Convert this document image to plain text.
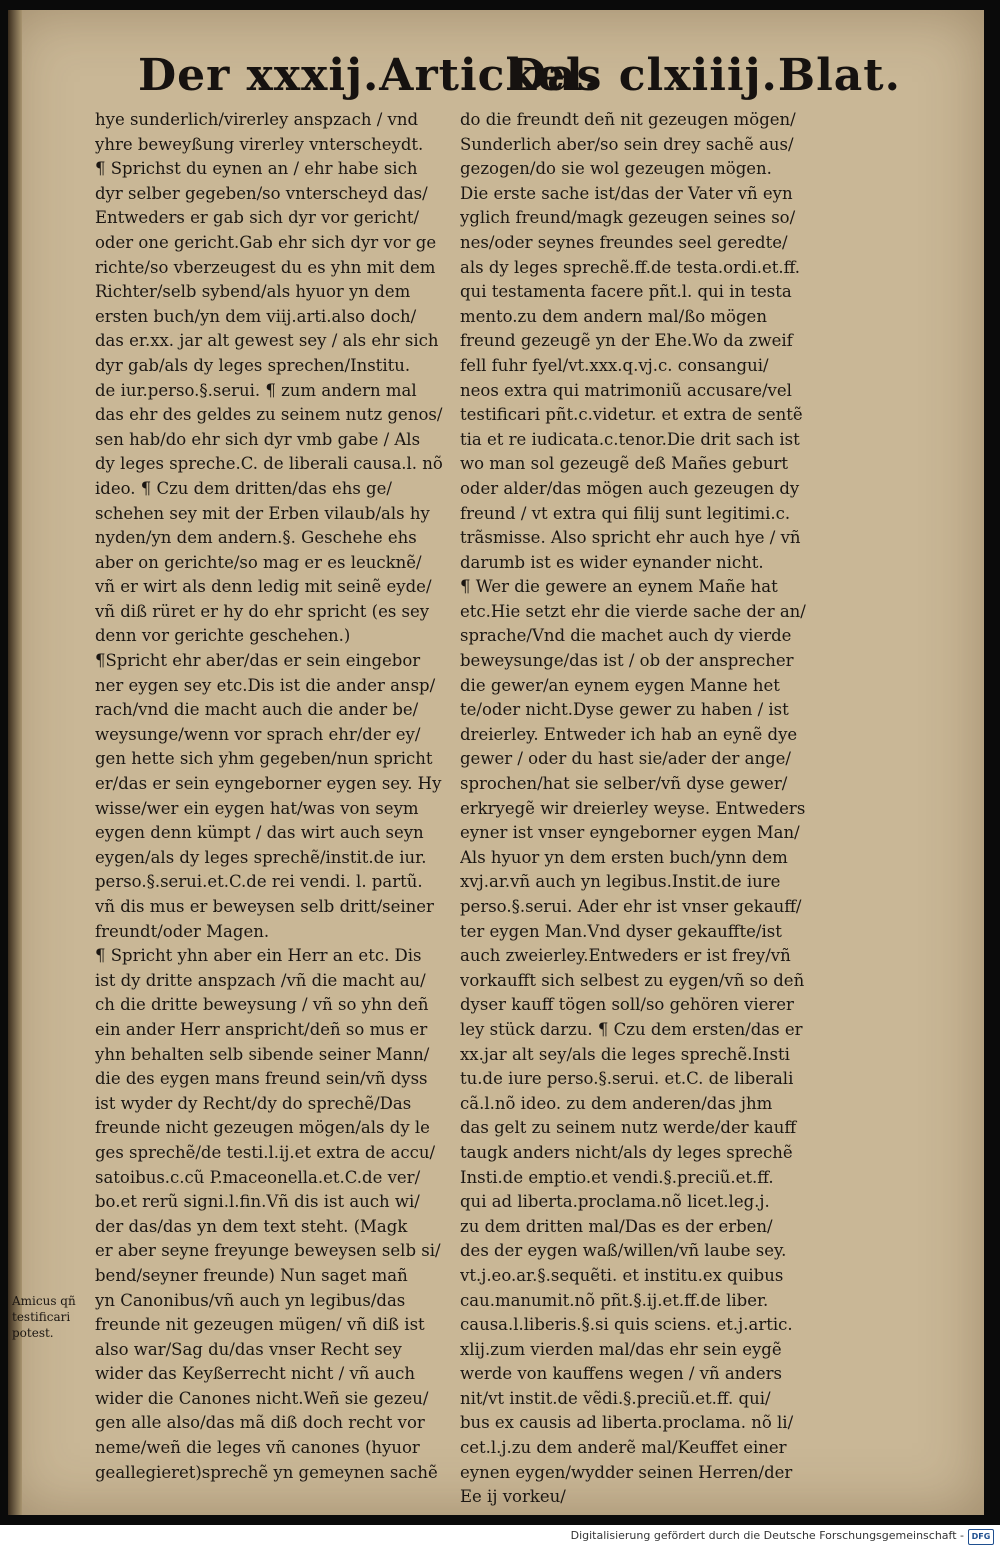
Der xxxij.Artickel.
Das clxiiij.Blat.
hye sunderlich/virerley anspzach / vnd
yhre beweyßung virerley vnterscheydt.
¶ Sprichst du eynen an / ehr habe sich
dyr selber gegeben/so vnterscheyd das/
Entweders er gab sich dyr vor gericht/
oder one gericht.Gab ehr sich dyr vor ge
richte/so vberzeugest du es yhn mit dem
Richter/selb sybend/als hyuor yn dem
ersten buch/yn dem viij.arti.also doch/
das er.xx. jar alt gewest sey / als ehr sich
dyr gab/als dy leges sprechen/Institu.
de iur.perso.§.serui. ¶ zum andern mal
das ehr des geldes zu seinem nutz genos/
sen hab/do ehr sich dyr vmb gabe / Als
dy leges spreche.C. de liberali causa.l. nõ
ideo. ¶ Czu dem dritten/das ehs ge/
schehen sey mit der Erben vilaub/als hy
nyden/yn dem andern.§. Geschehe ehs
aber on gerichte/so mag er es leucknẽ/
vñ er wirt als denn ledig mit seinẽ eyde/
vñ diß rüret er hy do ehr spricht (es sey
denn vor gerichte geschehen.)
¶Spricht ehr aber/das er sein eingebor
ner eygen sey etc.Dis ist die ander ansp/
rach/vnd die macht auch die ander be/
weysunge/wenn vor sprach ehr/der ey/
gen hette sich yhm gegeben/nun spricht
er/das er sein eyngeborner eygen sey. Hy
wisse/wer ein eygen hat/was von seym
eygen denn kümpt / das wirt auch seyn
eygen/als dy leges sprechẽ/instit.de iur.
perso.§.serui.et.C.de rei vendi. l. partũ.
vñ dis mus er beweysen selb dritt/seiner
freundt/oder Magen.
¶ Spricht yhn aber ein Herr an etc. Dis
ist dy dritte anspzach /vñ die macht au/
ch die dritte beweysung / vñ so yhn deñ
ein ander Herr anspricht/deñ so mus er
yhn behalten selb sibende seiner Mann/
die des eygen mans freund sein/vñ dyss
ist wyder dy Recht/dy do sprechẽ/Das
freunde nicht gezeugen mögen/als dy le
ges sprechẽ/de testi.l.ij.et extra de accu/
satoibus.c.cũ P.maceonella.et.C.de ver/
bo.et rerũ signi.l.fin.Vñ dis ist auch wi/
der das/das yn dem text steht. (Magk
er aber seyne freyunge beweysen selb si/
bend/seyner freunde) Nun saget mañ
yn Canonibus/vñ auch yn legibus/das
freunde nit gezeugen mügen/ vñ diß ist
also war/Sag du/das vnser Recht sey
wider das Keyßerrecht nicht / vñ auch
wider die Canones nicht.Weñ sie gezeu/
gen alle also/das mã diß doch recht vor
neme/weñ die leges vñ canones (hyuor
geallegieret)sprechẽ yn gemeynen sachẽ
do die freundt deñ nit gezeugen mögen/
Sunderlich aber/so sein drey sachẽ aus/
gezogen/do sie wol gezeugen mögen.
Die erste sache ist/das der Vater vñ eyn
yglich freund/magk gezeugen seines so/
nes/oder seynes freundes seel geredte/
als dy leges sprechẽ.ff.de testa.ordi.et.ff.
qui testamenta facere pñt.l. qui in testa
mento.zu dem andern mal/ßo mögen
freund gezeugẽ yn der Ehe.Wo da zweif
fell fuhr fyel/vt.xxx.q.vj.c. consangui/
neos extra qui matrimoniũ accusare/vel
testificari pñt.c.videtur. et extra de sentẽ
tia et re iudicata.c.tenor.Die drit sach ist
wo man sol gezeugẽ deß Mañes geburt
oder alder/das mögen auch gezeugen dy
freund / vt extra qui filij sunt legitimi.c.
trãsmisse. Also spricht ehr auch hye / vñ
darumb ist es wider eynander nicht.
¶ Wer die gewere an eynem Mañe hat
etc.Hie setzt ehr die vierde sache der an/
sprache/Vnd die machet auch dy vierde
beweysunge/das ist / ob der ansprecher
die gewer/an eynem eygen Manne het
te/oder nicht.Dyse gewer zu haben / ist
dreierley. Entweder ich hab an eynẽ dye
gewer / oder du hast sie/ader der ange/
sprochen/hat sie selber/vñ dyse gewer/
erkryegẽ wir dreierley weyse. Entweders
eyner ist vnser eyngeborner eygen Man/
Als hyuor yn dem ersten buch/ynn dem
xvj.ar.vñ auch yn legibus.Instit.de iure
perso.§.serui. Ader ehr ist vnser gekauff/
ter eygen Man.Vnd dyser gekauffte/ist
auch zweierley.Entweders er ist frey/vñ
vorkaufft sich selbest zu eygen/vñ so deñ
dyser kauff tögen soll/so gehören vierer
ley stück darzu. ¶ Czu dem ersten/das er
xx.jar alt sey/als die leges sprechẽ.Insti
tu.de iure perso.§.serui. et.C. de liberali
cã.l.nõ ideo. zu dem anderen/das jhm
das gelt zu seinem nutz werde/der kauff
taugk anders nicht/als dy leges sprechẽ
Insti.de emptio.et vendi.§.preciũ.et.ff.
qui ad liberta.proclama.nõ licet.leg.j.
zu dem dritten mal/Das es der erben/
des der eygen waß/willen/vñ laube sey.
vt.j.eo.ar.§.sequẽti. et institu.ex quibus
cau.manumit.nõ pñt.§.ij.et.ff.de liber.
causa.l.liberis.§.si quis sciens. et.j.artic.
xlij.zum vierden mal/das ehr sein eygẽ
werde von kauffens wegen / vñ anders
nit/vt instit.de vẽdi.§.preciũ.et.ff. qui/
bus ex causis ad liberta.proclama. nõ li/
cet.l.j.zu dem anderẽ mal/Keuffet einer
eynen eygen/wydder seinen Herren/der
Ee ij vorkeu/
Amicus qñ
testificari
potest.
Digitalisierung gefördert durch die Deutsche Forschungsgemeinschaft - DFG
